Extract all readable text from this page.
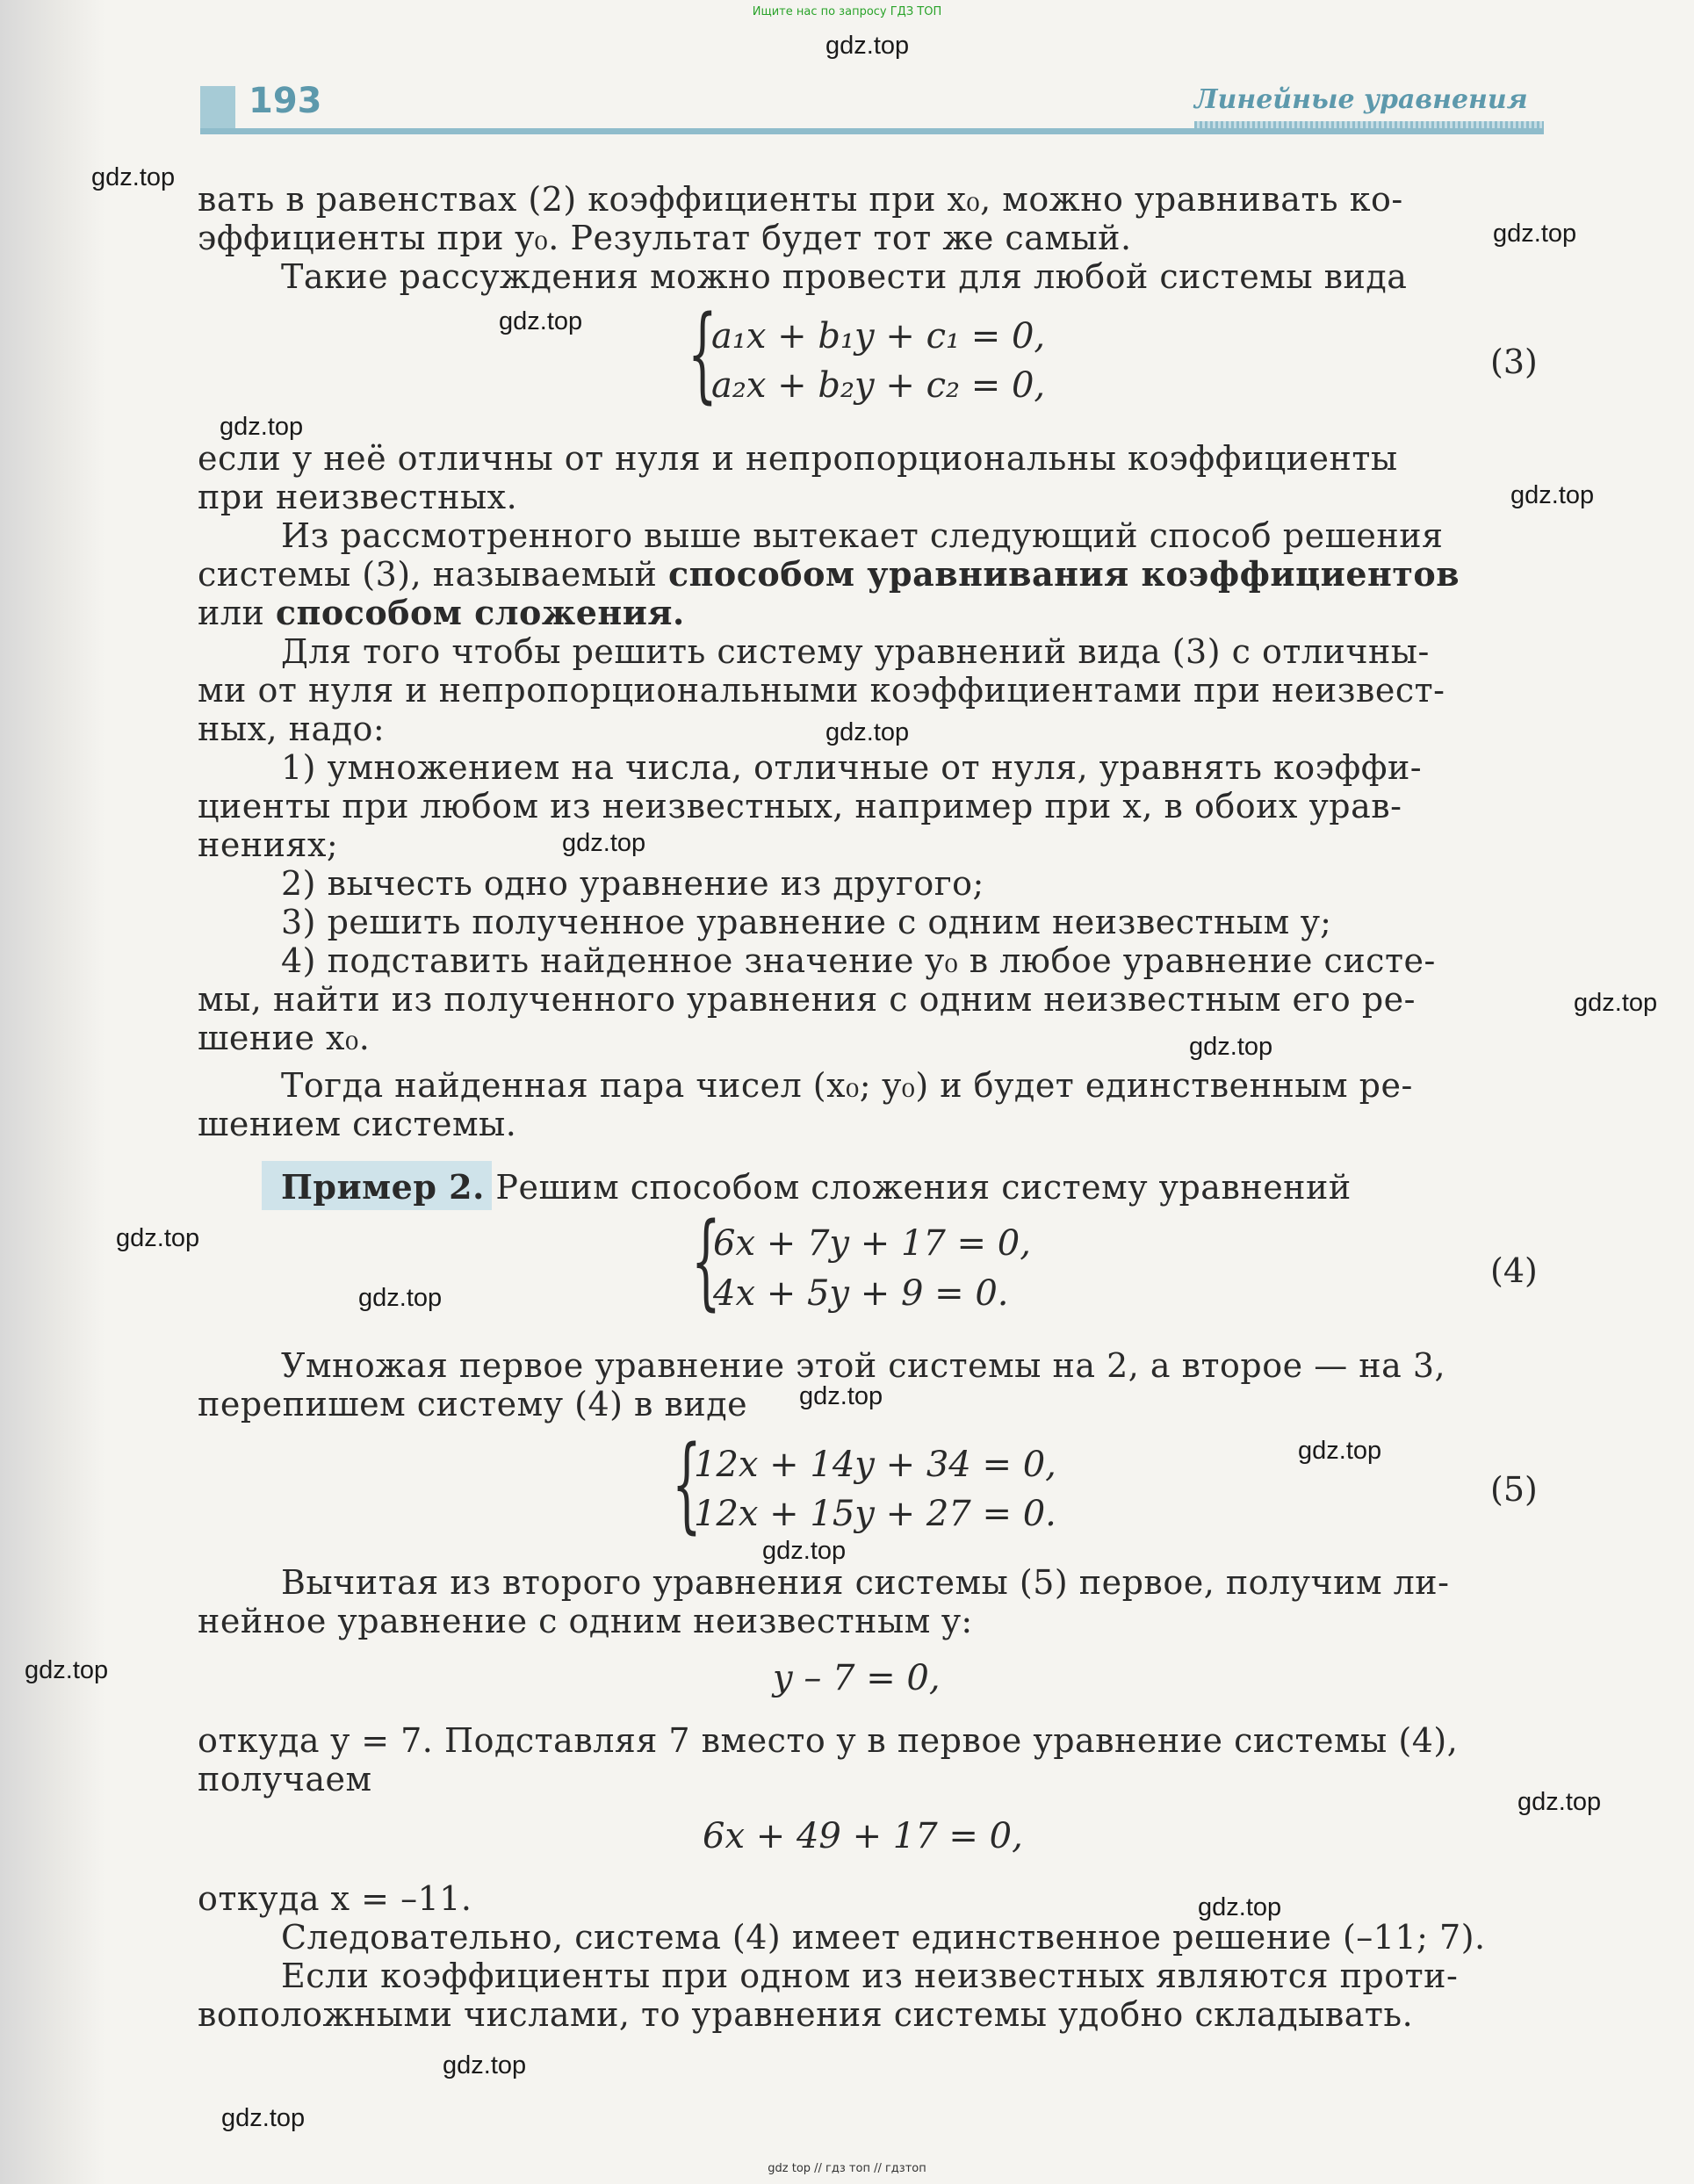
Ищите нас по запросу ГДЗ ТОП
193	Линейные уравнения
вать в равенствах (2) коэффициенты при x₀, можно уравнивать ко-
эффициенты при y₀. Результат будет тот же самый.
Такие рассуждения можно провести для любой системы вида
{
a₁x + b₁y + c₁ = 0,
a₂x + b₂y + c₂ = 0,
(3)
если у неё отличны от нуля и непропорциональны коэффициенты
при неизвестных.
Из рассмотренного выше вытекает следующий способ решения
системы (3), называемый способом уравнивания коэффициентов
или способом сложения.
Для того чтобы решить систему уравнений вида (3) с отличны-
ми от нуля и непропорциональными коэффициентами при неизвест-
ных, надо:
1) умножением на числа, отличные от нуля, уравнять коэффи-
циенты при любом из неизвестных, например при x, в обоих урав-
нениях;
2) вычесть одно уравнение из другого;
3) решить полученное уравнение с одним неизвестным y;
4) подставить найденное значение y₀ в любое уравнение систе-
мы, найти из полученного уравнения с одним неизвестным его ре-
шение x₀.
Тогда найденная пара чисел (x₀; y₀) и будет единственным ре-
шением системы.
Пример 2. Решим способом сложения систему уравнений
{
6x + 7y + 17 = 0,
4x + 5y + 9 = 0.
(4)
Умножая первое уравнение этой системы на 2, а второе — на 3,
перепишем систему (4) в виде
{
12x + 14y + 34 = 0,
12x + 15y + 27 = 0.
(5)
Вычитая из второго уравнения системы (5) первое, получим ли-
нейное уравнение с одним неизвестным y:
y – 7 = 0,
откуда y = 7. Подставляя 7 вместо y в первое уравнение системы (4),
получаем
6x + 49 + 17 = 0,
откуда x = –11.
Следовательно, система (4) имеет единственное решение (–11; 7).
Если коэффициенты при одном из неизвестных являются проти-
воположными числами, то уравнения системы удобно складывать.
gdz.top
gdz.top
gdz.top
gdz.top
gdz.top
gdz.top
gdz.top
gdz.top
gdz.top
gdz.top
gdz.top
gdz.top
gdz.top
gdz.top
gdz.top
gdz.top
gdz.top
gdz.top
gdz.top
gdz.top
gdz top // гдз топ // гдзтоп
